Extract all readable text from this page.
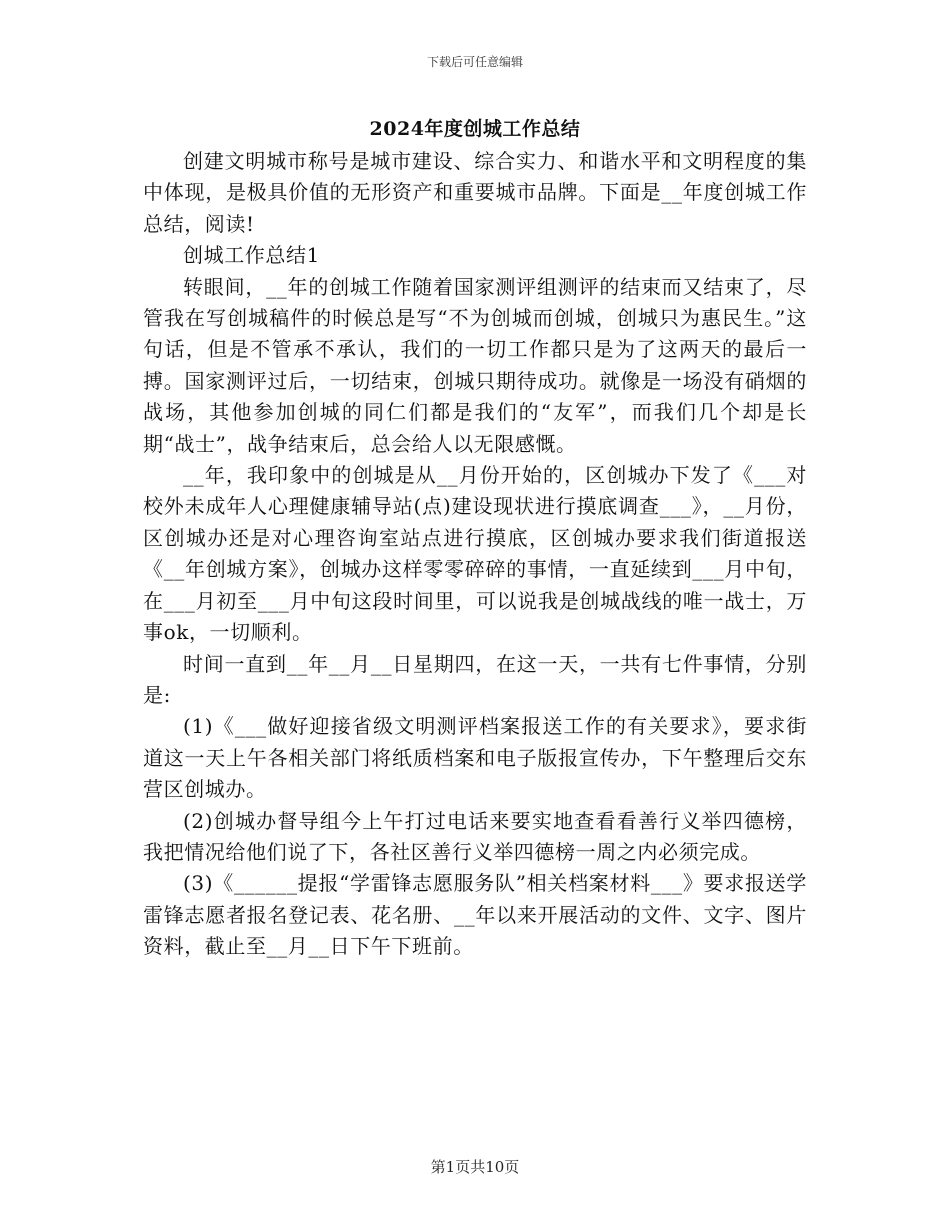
下载后可任意编辑
2024年度创城工作总结

创建文明城市称号是城市建设、综合实力、和谐水平和文明程度的集中体现，是极具价值的无形资产和重要城市品牌。下面是__年度创城工作总结，阅读!

创城工作总结1

转眼间，__年的创城工作随着国家测评组测评的结束而又结束了，尽管我在写创城稿件的时候总是写“不为创城而创城，创城只为惠民生。”这句话，但是不管承不承认，我们的一切工作都只是为了这两天的最后一搏。国家测评过后，一切结束，创城只期待成功。就像是一场没有硝烟的战场，其他参加创城的同仁们都是我们的“友军”，而我们几个却是长期“战士”，战争结束后，总会给人以无限感慨。

__年，我印象中的创城是从__月份开始的，区创城办下发了《___对校外未成年人心理健康辅导站(点)建设现状进行摸底调查___》，__月份，区创城办还是对心理咨询室站点进行摸底，区创城办要求我们街道报送《__年创城方案》，创城办这样零零碎碎的事情，一直延续到___月中旬，在___月初至___月中旬这段时间里，可以说我是创城战线的唯一战士，万事ok，一切顺利。

时间一直到__年__月__日星期四，在这一天，一共有七件事情，分别是:

(1)《___做好迎接省级文明测评档案报送工作的有关要求》，要求街道这一天上午各相关部门将纸质档案和电子版报宣传办，下午整理后交东营区创城办。

(2)创城办督导组今上午打过电话来要实地查看看善行义举四德榜，我把情况给他们说了下，各社区善行义举四德榜一周之内必须完成。

(3)《______提报“学雷锋志愿服务队”相关档案材料___》要求报送学雷锋志愿者报名登记表、花名册、__年以来开展活动的文件、文字、图片资料，截止至__月__日下午下班前。

第1页共10页
